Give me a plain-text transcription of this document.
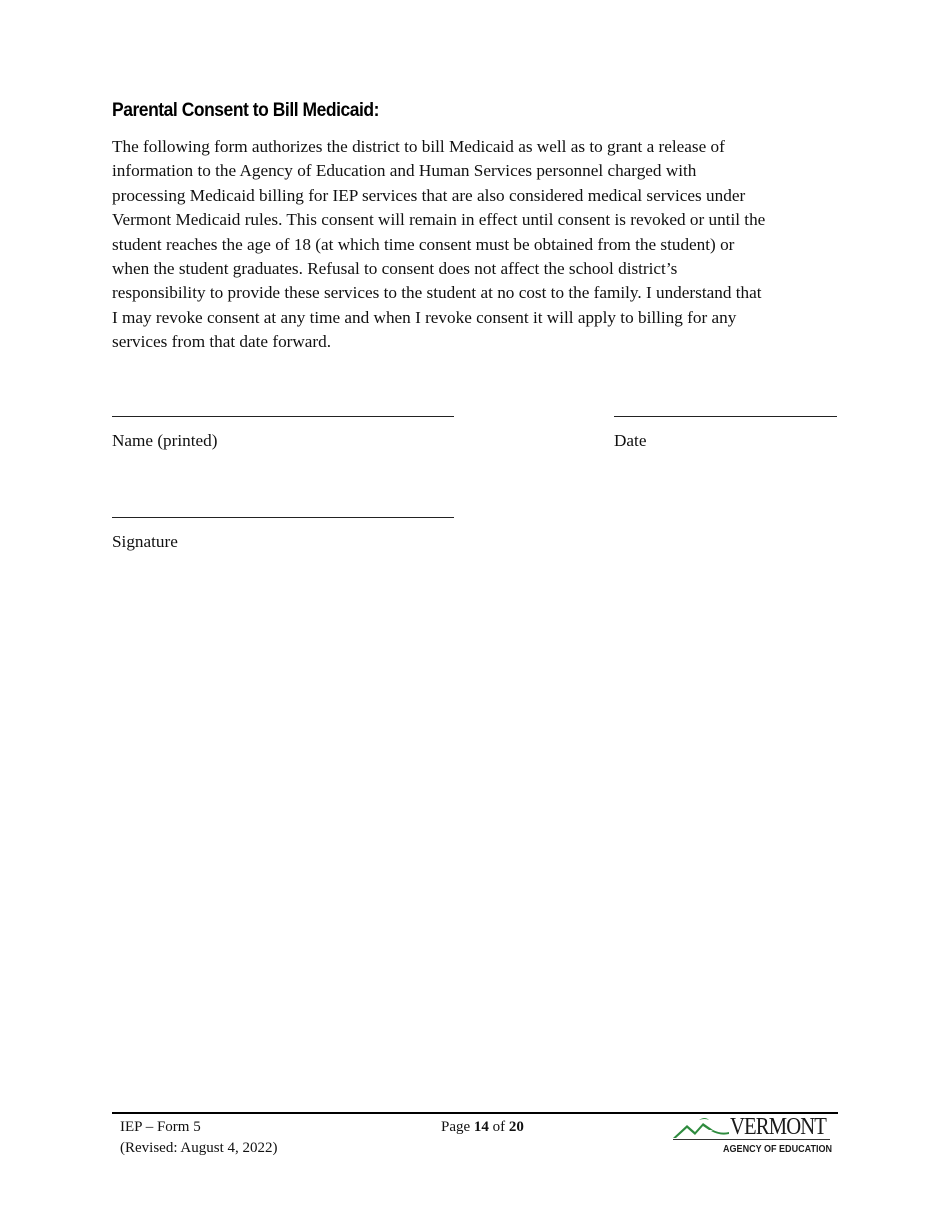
Parental Consent to Bill Medicaid:
The following form authorizes the district to bill Medicaid as well as to grant a release of
information to the Agency of Education and Human Services personnel charged with
processing Medicaid billing for IEP services that are also considered medical services under
Vermont Medicaid rules. This consent will remain in effect until consent is revoked or until the
student reaches the age of 18 (at which time consent must be obtained from the student) or
when the student graduates. Refusal to consent does not affect the school district’s
responsibility to provide these services to the student at no cost to the family. I understand that
I may revoke consent at any time and when I revoke consent it will apply to billing for any
services from that date forward.
Name (printed)	Date
Signature
IEP – Form 5
(Revised: August 4, 2022)
Page 14 of 20	VERMONT
AGENCY OF EDUCATION
